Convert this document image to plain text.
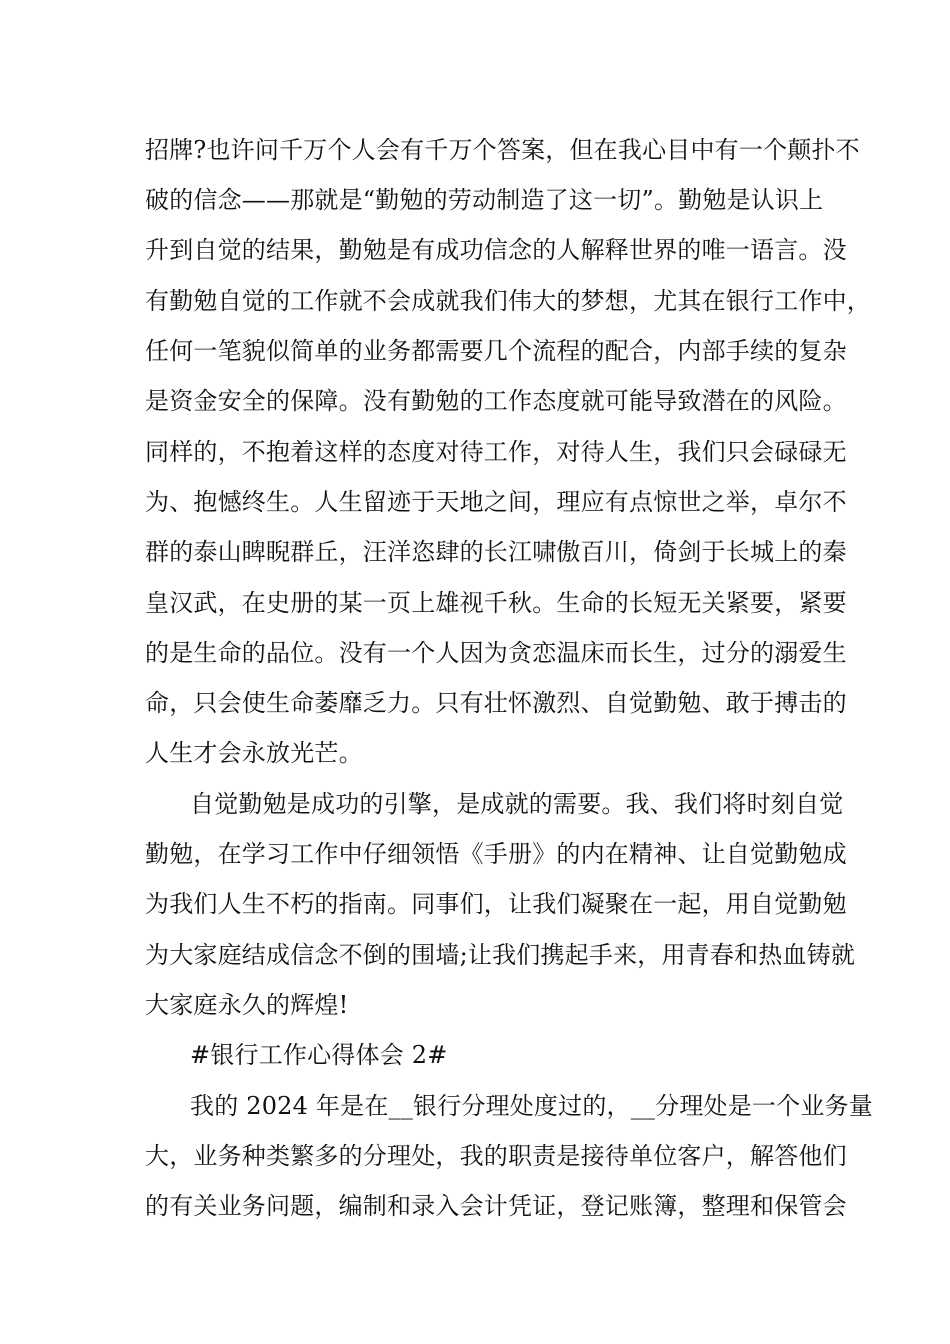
招牌?也许问千万个人会有千万个答案，但在我心目中有一个颠扑不
破的信念——那就是“勤勉的劳动制造了这一切”。勤勉是认识上
升到自觉的结果，勤勉是有成功信念的人解释世界的唯一语言。没
有勤勉自觉的工作就不会成就我们伟大的梦想，尤其在银行工作中，
任何一笔貌似简单的业务都需要几个流程的配合，内部手续的复杂
是资金安全的保障。没有勤勉的工作态度就可能导致潜在的风险。
同样的，不抱着这样的态度对待工作，对待人生，我们只会碌碌无
为、抱憾终生。人生留迹于天地之间，理应有点惊世之举，卓尔不
群的泰山睥睨群丘，汪洋恣肆的长江啸傲百川，倚剑于长城上的秦
皇汉武，在史册的某一页上雄视千秋。生命的长短无关紧要，紧要
的是生命的品位。没有一个人因为贪恋温床而长生，过分的溺爱生
命，只会使生命萎靡乏力。只有壮怀激烈、自觉勤勉、敢于搏击的
人生才会永放光芒。
自觉勤勉是成功的引擎，是成就的需要。我、我们将时刻自觉
勤勉，在学习工作中仔细领悟《手册》的内在精神、让自觉勤勉成
为我们人生不朽的指南。同事们，让我们凝聚在一起，用自觉勤勉
为大家庭结成信念不倒的围墙;让我们携起手来，用青春和热血铸就
大家庭永久的辉煌!
#银行工作心得体会 2#
我的 2024 年是在__银行分理处度过的，__分理处是一个业务量
大，业务种类繁多的分理处，我的职责是接待单位客户，解答他们
的有关业务问题，编制和录入会计凭证，登记账簿，整理和保管会
